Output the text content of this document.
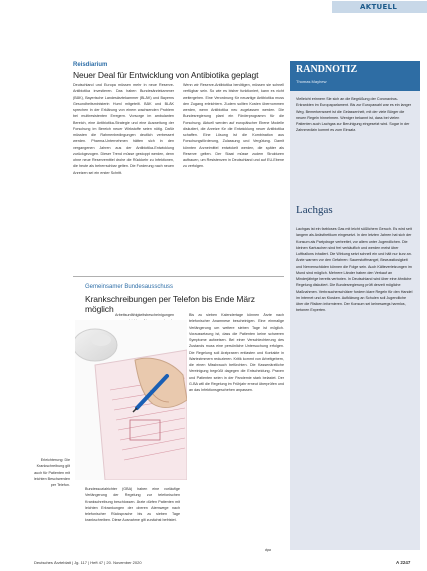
AKTUELL
Reisdiarium
Neuer Deal für Entwicklung von Antibiotika geplagt
Deutschland und Europa müssen mehr in neue Reserve-Antibiotika investieren. Das haben Bundesärztekammer (BÄK), Bayerische Landesärztekammer (BLÄK) und Bayerns Gesundheitsministerin Huml mitgeteilt. BÄK und BLÄK sprechen in der Erklärung von einem wachsenden Problem bei multiresistenten Erregern. Vorsorge im ambulanten Bereich, eine Antibiotika-Strategie und eine Ausweitung der Forschung im Bereich neuer Wirkstoffe seien nötig. Dafür müssten die Rahmenbedingungen deutlich verbessert werden. Pharma-Unternehmen hätten sich in den vergangenen Jahren aus der Antibiotika-Entwicklung zurückgezogen. Dieser Trend müsse gestoppt werden, denn ohne neue Reservemittel drohe die Rückkehr zu Infektionen, die heute als beherrschbar gelten. Die Forderung nach neuen Anreizen sei ein erster Schritt.
Wenn wir Reserve-Antibiotika benötigen, müssen sie schnell verfügbar sein. So wie es bisher funktioniert, kann es nicht weitergehen. Eine Verordnung für neuartige Antibiotika muss den Zugang erleichtern. Zudem sollten Kosten übernommen werden, wenn Antibiotika neu zugelassen werden. Die Bundesregierung plant ein Förderprogramm für die Forschung. Aktuell werden auf europäischer Ebene Modelle diskutiert, die Anreize für die Entwicklung neuer Antibiotika schaffen. Eine Lösung ist die Kombination aus Forschungsförderung, Zulassung und Vergütung. Damit könnten Arzneimittel entwickelt werden, die später als Reserve gelten. Der Staat müsse zudem Strukturen aufbauen, um Resistenzen in Deutschland und auf EU-Ebene zu verfolgen.
Gemeinsamer Bundesausschuss
Krankschreibungen per Telefon bis Ende März möglich
Arbeitsunfähigkeitsbescheinigungen	Bis zu sieben Kalendertage können Ärzte nach telefonischer Anamnese bescheinigen. Eine einmalige Verlängerung um weitere sieben Tage ist möglich. Voraussetzung ist, dass die Patienten keine schweren Symptome aufweisen. Bei einer Verschlechterung des Zustands muss eine persönliche Untersuchung erfolgen. Die Regelung soll Arztpraxen entlasten und Kontakte in Wartezimmern reduzieren. Kritik kommt von Arbeitgebern, die einen Missbrauch befürchten. Die Kassenärztliche Vereinigung begrüßt dagegen die Entscheidung. Praxen und Patienten seien in der Pandemie stark belastet. Der G-BA will die Regelung im Frühjahr erneut überprüfen und an das Infektionsgeschehen anpassen.
Erleichterung: Die Krankschreibung gilt auch für Patienten mit leichten Beschwerden per Telefon.
Bundessozialrichter (GBA) haben eine vorläufige Verlängerung der Regelung zur telefonischen Krankschreibung beschlossen. Ärzte dürfen Patienten mit leichten Erkrankungen der oberen Atemwege nach telefonischer Rücksprache bis zu sieben Tage krankschreiben. Diese Ausnahme gilt zunächst befristet.
dpa
RANDNOTIZ
Thomas Mayhew
Vielleicht erinnern Sie sich an die Begrüßung der Coronavirus-Erkrankten im Europaparlament. Bis zur Europawahl war es ein langer Weg. Bemerkenswert ist die Gelassenheit, mit der viele Bürger die neuen Regeln hinnehmen. Weniger bekannt ist, dass bei vielen Patienten auch Lachgas zur Beruhigung eingesetzt wird. Sogar in der Zahnmedizin kommt es zum Einsatz.
Lachgas
Lachgas ist ein farbloses Gas mit leicht süßlichem Geruch. Es wird seit langem als Anästhetikum eingesetzt. In den letzten Jahren hat sich der Konsum als Partydroge verbreitet, vor allem unter Jugendlichen. Die kleinen Kartuschen sind frei verkäuflich und werden meist über Luftballons inhaliert. Die Wirkung setzt schnell ein und hält nur kurz an. Ärzte warnen vor den Gefahren: Sauerstoffmangel, Bewusstlosigkeit und Nervenschäden können die Folge sein. Auch Kälteverletzungen im Mund sind möglich. Mehrere Länder haben den Verkauf an Minderjährige bereits verboten. In Deutschland wird über eine ähnliche Regelung diskutiert. Die Bundesregierung prüft derzeit mögliche Maßnahmen. Verbraucherschützer fordern klare Regeln für den Handel im Internet und an Kiosken. Aufklärung an Schulen soll Jugendliche über die Risiken informieren. Der Konsum sei keineswegs harmlos, betonen Experten.
Deutsches Ärzteblatt | Jg. 117 | Heft 47 | 20. November 2020	A 2247
